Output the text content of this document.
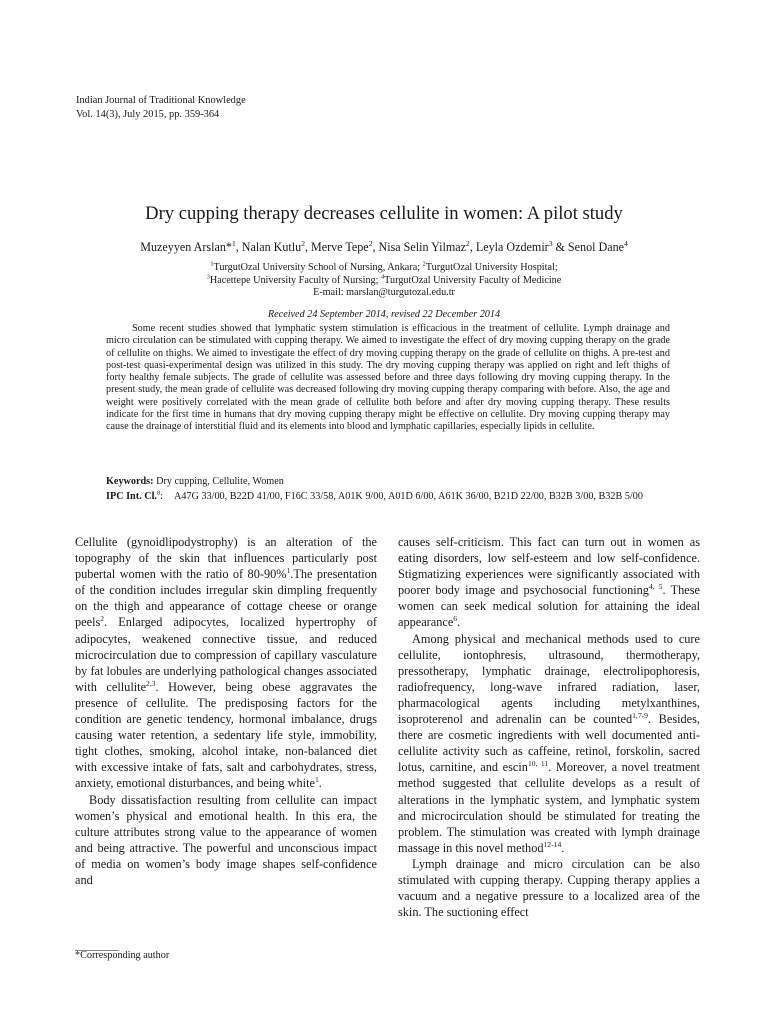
Indian Journal of Traditional Knowledge
Vol. 14(3), July 2015, pp. 359-364
Dry cupping therapy decreases cellulite in women: A pilot study
Muzeyyen Arslan*$^1$, Nalan Kutlu$^2$, Merve Tepe$^2$, Nisa Selin Yilmaz$^2$, Leyla Ozdemir$^3$ & Senol Dane$^4$
$^1$TurgutOzal University School of Nursing, Ankara; $^2$TurgutOzal University Hospital;
$^3$Hacettepe University Faculty of Nursing; $^4$TurgutOzal University Faculty of Medicine
E-mail: marslan@turgutozal.edu.tr
Received 24 September 2014, revised 22 December 2014

Some recent studies showed that lymphatic system stimulation is efficacious in the treatment of cellulite. Lymph drainage and micro circulation can be stimulated with cupping therapy. We aimed to investigate the effect of dry moving cupping therapy on the grade of cellulite on thighs. We aimed to investigate the effect of dry moving cupping therapy on the grade of cellulite on thighs. A pre-test and post-test quasi-experimental design was utilized in this study. The dry moving cupping therapy was applied on right and left thighs of forty healthy female subjects. The grade of cellulite was assessed before and three days following dry moving cupping therapy. In the present study, the mean grade of cellulite was decreased following dry moving cupping therapy comparing with before. Also, the age and weight were positively correlated with the mean grade of cellulite both before and after dry moving cupping therapy. These results indicate for the first time in humans that dry moving cupping therapy might be effective on cellulite. Dry moving cupping therapy may cause the drainage of interstitial fluid and its elements into blood and lymphatic capillaries, especially lipids in cellulite.

Keywords: Dry cupping, Cellulite, Women
IPC Int. Cl.$^8$: A47G 33/00, B22D 41/00, F16C 33/58, A01K 9/00, A01D 6/00, A61K 36/00, B21D 22/00, B32B 3/00, B32B 5/00

Cellulite (gynoidlipodystrophy) is an alteration of the topography of the skin that influences particularly post pubertal women with the ratio of 80-90%$^1$.The presentation of the condition includes irregular skin dimpling frequently on the thigh and appearance of cottage cheese or orange peels$^2$. Enlarged adipocytes, localized hypertrophy of adipocytes, weakened connective tissue, and reduced microcirculation due to compression of capillary vasculature by fat lobules are underlying pathological changes associated with cellulite$^{2,3}$. However, being obese aggravates the presence of cellulite. The predisposing factors for the condition are genetic tendency, hormonal imbalance, drugs causing water retention, a sedentary life style, immobility, tight clothes, smoking, alcohol intake, non-balanced diet with excessive intake of fats, salt and carbohydrates, stress, anxiety, emotional disturbances, and being white$^1$.

Body dissatisfaction resulting from cellulite can impact women’s physical and emotional health. In this era, the culture attributes strong value to the appearance of women and being attractive. The powerful and unconscious impact of media on women’s body image shapes self-confidence and

causes self-criticism. This fact can turn out in women as eating disorders, low self-esteem and low self-confidence. Stigmatizing experiences were significantly associated with poorer body image and psychosocial functioning$^{4, 5}$. These women can seek medical solution for attaining the ideal appearance$^6$.

Among physical and mechanical methods used to cure cellulite, iontophresis, ultrasound, thermotherapy, pressotherapy, lymphatic drainage, electrolipophoresis, radiofrequency, long-wave infrared radiation, laser, pharmacological agents including metylxanthines, isoproterenol and adrenalin can be counted$^{1,7-9}$. Besides, there are cosmetic ingredients with well documented anti-cellulite activity such as caffeine, retinol, forskolin, sacred lotus, carnitine, and escin$^{10, 11}$. Moreover, a novel treatment method suggested that cellulite develops as a result of alterations in the lymphatic system, and lymphatic system and microcirculation should be stimulated for treating the problem. The stimulation was created with lymph drainage massage in this novel method$^{12-14}$.

Lymph drainage and micro circulation can be also stimulated with cupping therapy. Cupping therapy applies a vacuum and a negative pressure to a localized area of the skin. The suctioning effect

________
*Corresponding author
